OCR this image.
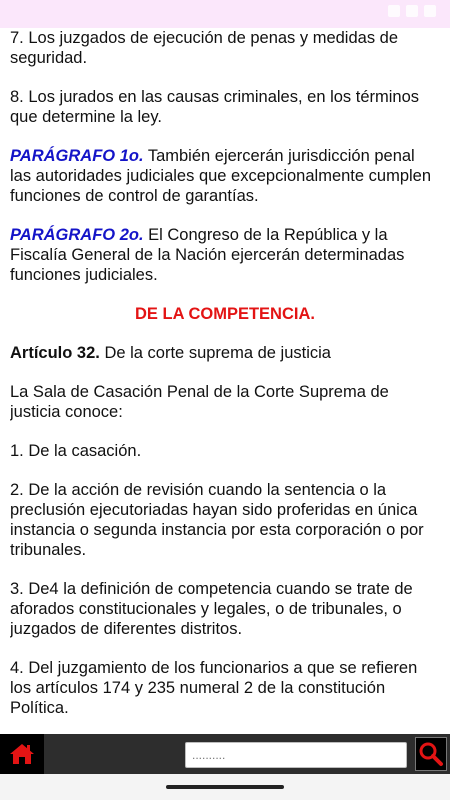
7. Los juzgados de ejecución de penas y medidas de seguridad.

8. Los jurados en las causas criminales, en los términos que determine la ley.

PARÁGRAFO 1o. También ejercerán jurisdicción penal las autoridades judiciales que excepcionalmente cumplen funciones de control de garantías.

PARÁGRAFO 2o. El Congreso de la República y la Fiscalía General de la Nación ejercerán determinadas funciones judiciales.

DE LA COMPETENCIA.

Artículo 32. De la corte suprema de justicia

La Sala de Casación Penal de la Corte Suprema de justicia conoce:

1. De la casación.

2. De la acción de revisión cuando la sentencia o la preclusión ejecutoriadas hayan sido proferidas en única instancia o segunda instancia por esta corporación o por tribunales.

3. De4 la definición de competencia cuando se trate de aforados constitucionales y legales, o de tribunales, o juzgados de diferentes distritos.

4. Del juzgamiento de los funcionarios a que se refieren los artículos 174 y 235 numeral 2 de la constitución Política.

..........
